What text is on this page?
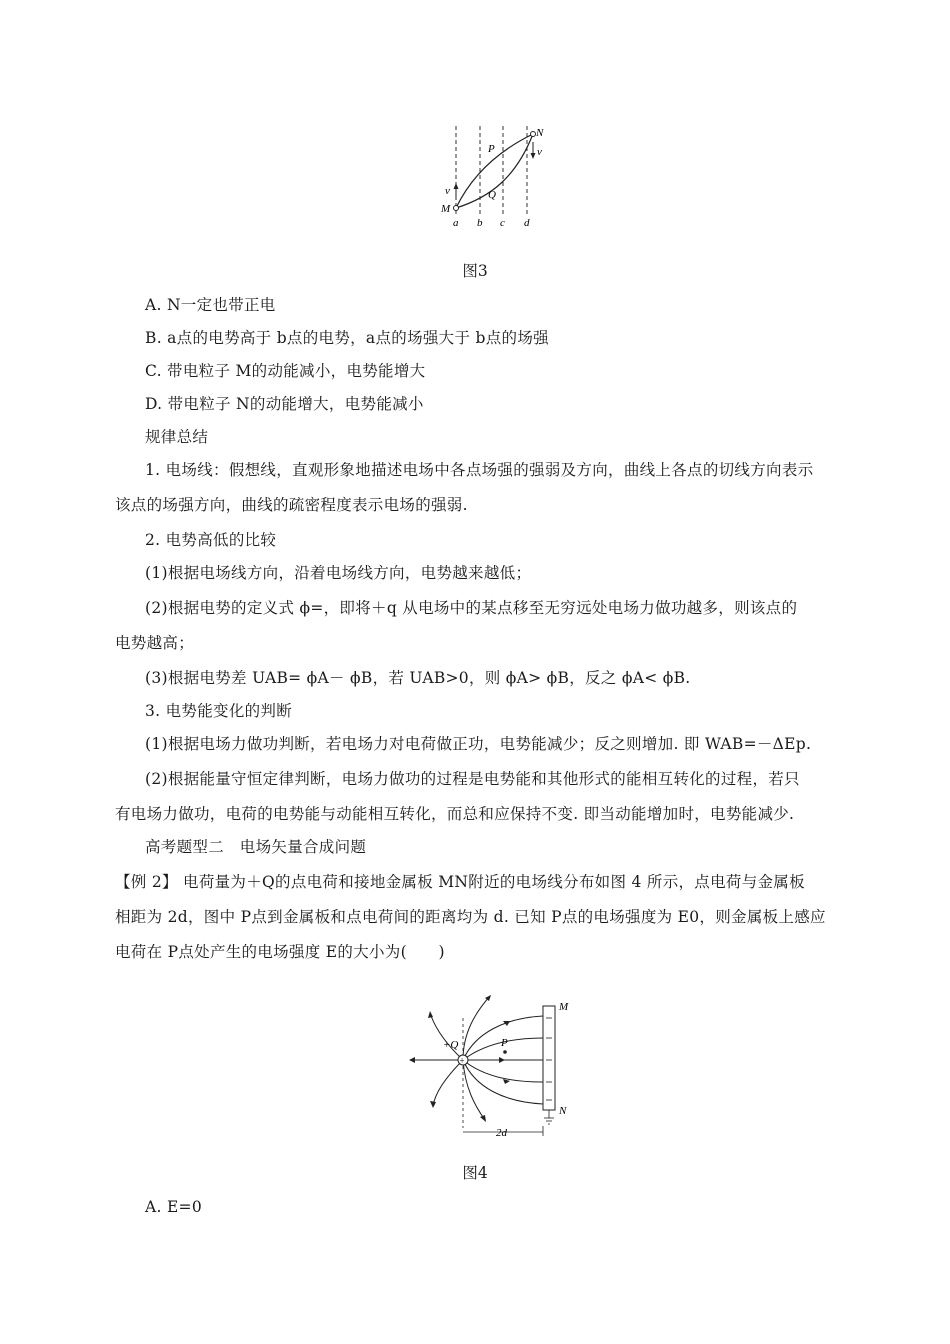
N
M
P
Q
v
v
a b c d
图3
A. N一定也带正电
B. a点的电势高于 b点的电势，a点的场强大于 b点的场强
C. 带电粒子 M的动能减小，电势能增大
D. 带电粒子 N的动能增大，电势能减小
规律总结
1. 电场线：假想线，直观形象地描述电场中各点场强的强弱及方向，曲线上各点的切线方向表示
该点的场强方向，曲线的疏密程度表示电场的强弱.
2. 电势高低的比较
(1)根据电场线方向，沿着电场线方向，电势越来越低；
(2)根据电势的定义式 ϕ=，即将＋q 从电场中的某点移至无穷远处电场力做功越多，则该点的
电势越高；
(3)根据电势差 UAB= ϕA－ ϕB，若 UAB>0，则 ϕA> ϕB，反之 ϕA< ϕB.
3. 电势能变化的判断
(1)根据电场力做功判断，若电场力对电荷做正功，电势能减少；反之则增加. 即 WAB=－ΔEp.
(2)根据能量守恒定律判断，电场力做功的过程是电势能和其他形式的能相互转化的过程，若只
有电场力做功，电荷的电势能与动能相互转化，而总和应保持不变. 即当动能增加时，电势能减少.
高考题型二　电场矢量合成问题
【例 2】 电荷量为＋Q的点电荷和接地金属板 MN附近的电场线分布如图 4 所示，点电荷与金属板
相距为 2d，图中 P点到金属板和点电荷间的距离均为 d. 已知 P点的电场强度为 E0，则金属板上感应
电荷在 P点处产生的电场强度 E的大小为(　　)
+
+Q	P
M
N
2d
图4
A. E=0
